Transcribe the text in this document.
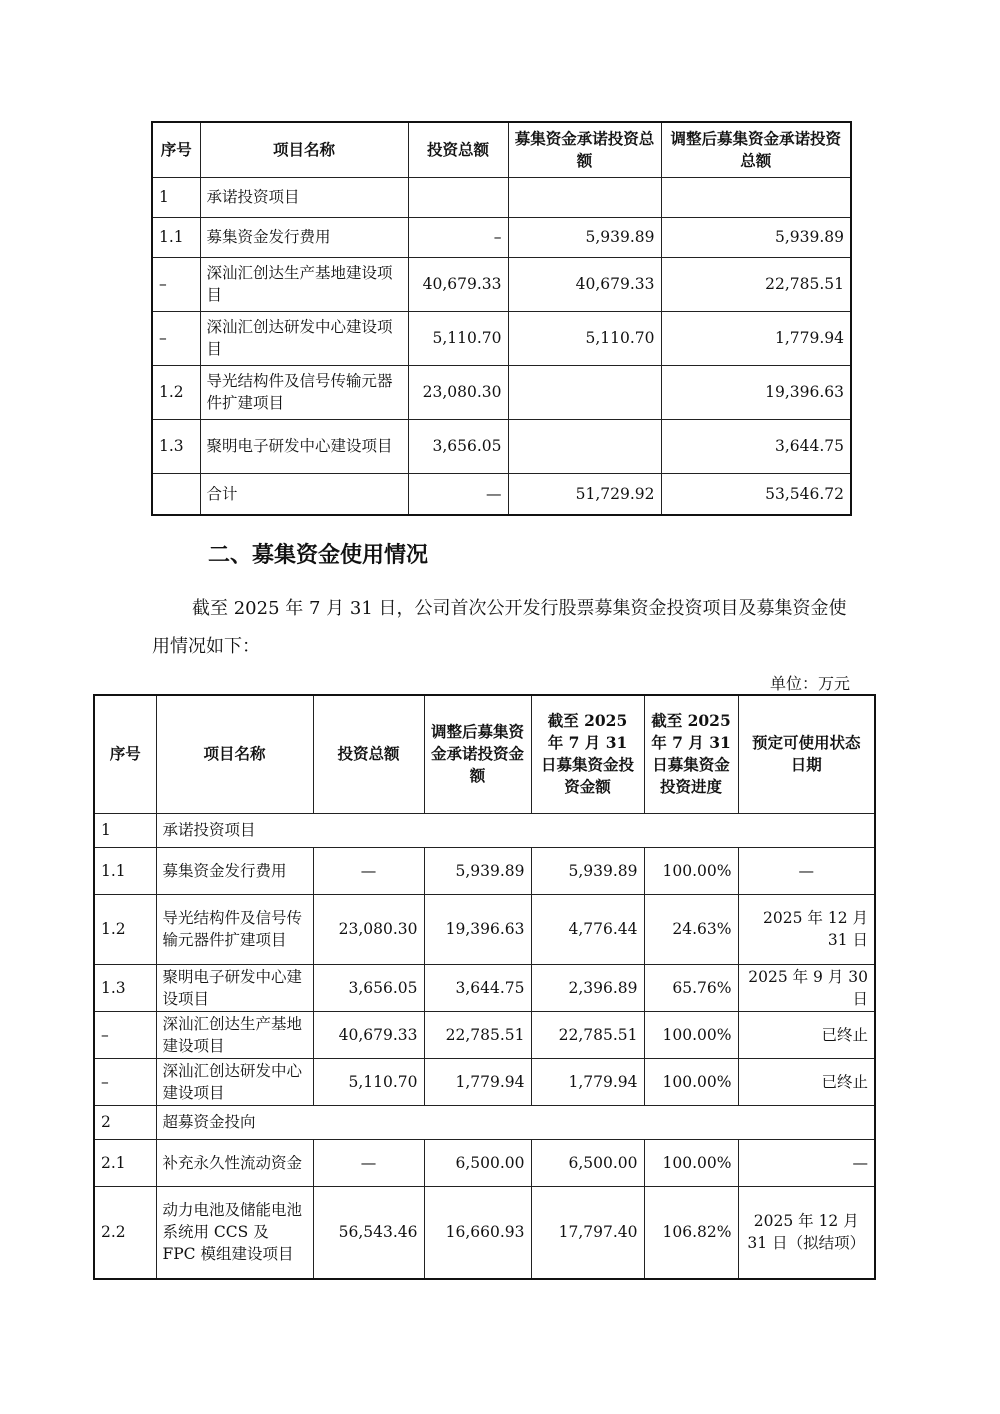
序号	项目名称	投资总额	募集资金承诺投资总额	调整后募集资金承诺投资总额
1	承诺投资项目			
1.1	募集资金发行费用	–	5,939.89	5,939.89
–	深汕汇创达生产基地建设项目	40,679.33	40,679.33	22,785.51
–	深汕汇创达研发中心建设项目	5,110.70	5,110.70	1,779.94
1.2	导光结构件及信号传输元器件扩建项目	23,080.30		19,396.63
1.3	聚明电子研发中心建设项目	3,656.05		3,644.75
	合计	—	51,729.92	53,546.72
二、募集资金使用情况

截至 2025 年 7 月 31 日，公司首次公开发行股票募集资金投资项目及募集资金使用情况如下：

单位：万元

序号	项目名称	投资总额	调整后募集资金承诺投资金额	截至 2025 年 7 月 31 日募集资金投资金额	截至 2025 年 7 月 31 日募集资金投资进度	预定可使用状态日期
1	承诺投资项目					
1.1	募集资金发行费用	—	5,939.89	5,939.89	100.00%	—
1.2	导光结构件及信号传输元器件扩建项目	23,080.30	19,396.63	4,776.44	24.63%	2025 年 12 月 31 日
1.3	聚明电子研发中心建设项目	3,656.05	3,644.75	2,396.89	65.76%	2025 年 9 月 30 日
–	深汕汇创达生产基地建设项目	40,679.33	22,785.51	22,785.51	100.00%	已终止
–	深汕汇创达研发中心建设项目	5,110.70	1,779.94	1,779.94	100.00%	已终止
2	超募资金投向					
2.1	补充永久性流动资金	—	6,500.00	6,500.00	100.00%	—
2.2	动力电池及储能电池系统用 CCS 及 FPC 模组建设项目	56,543.46	16,660.93	17,797.40	106.82%	2025 年 12 月 31 日（拟结项）
